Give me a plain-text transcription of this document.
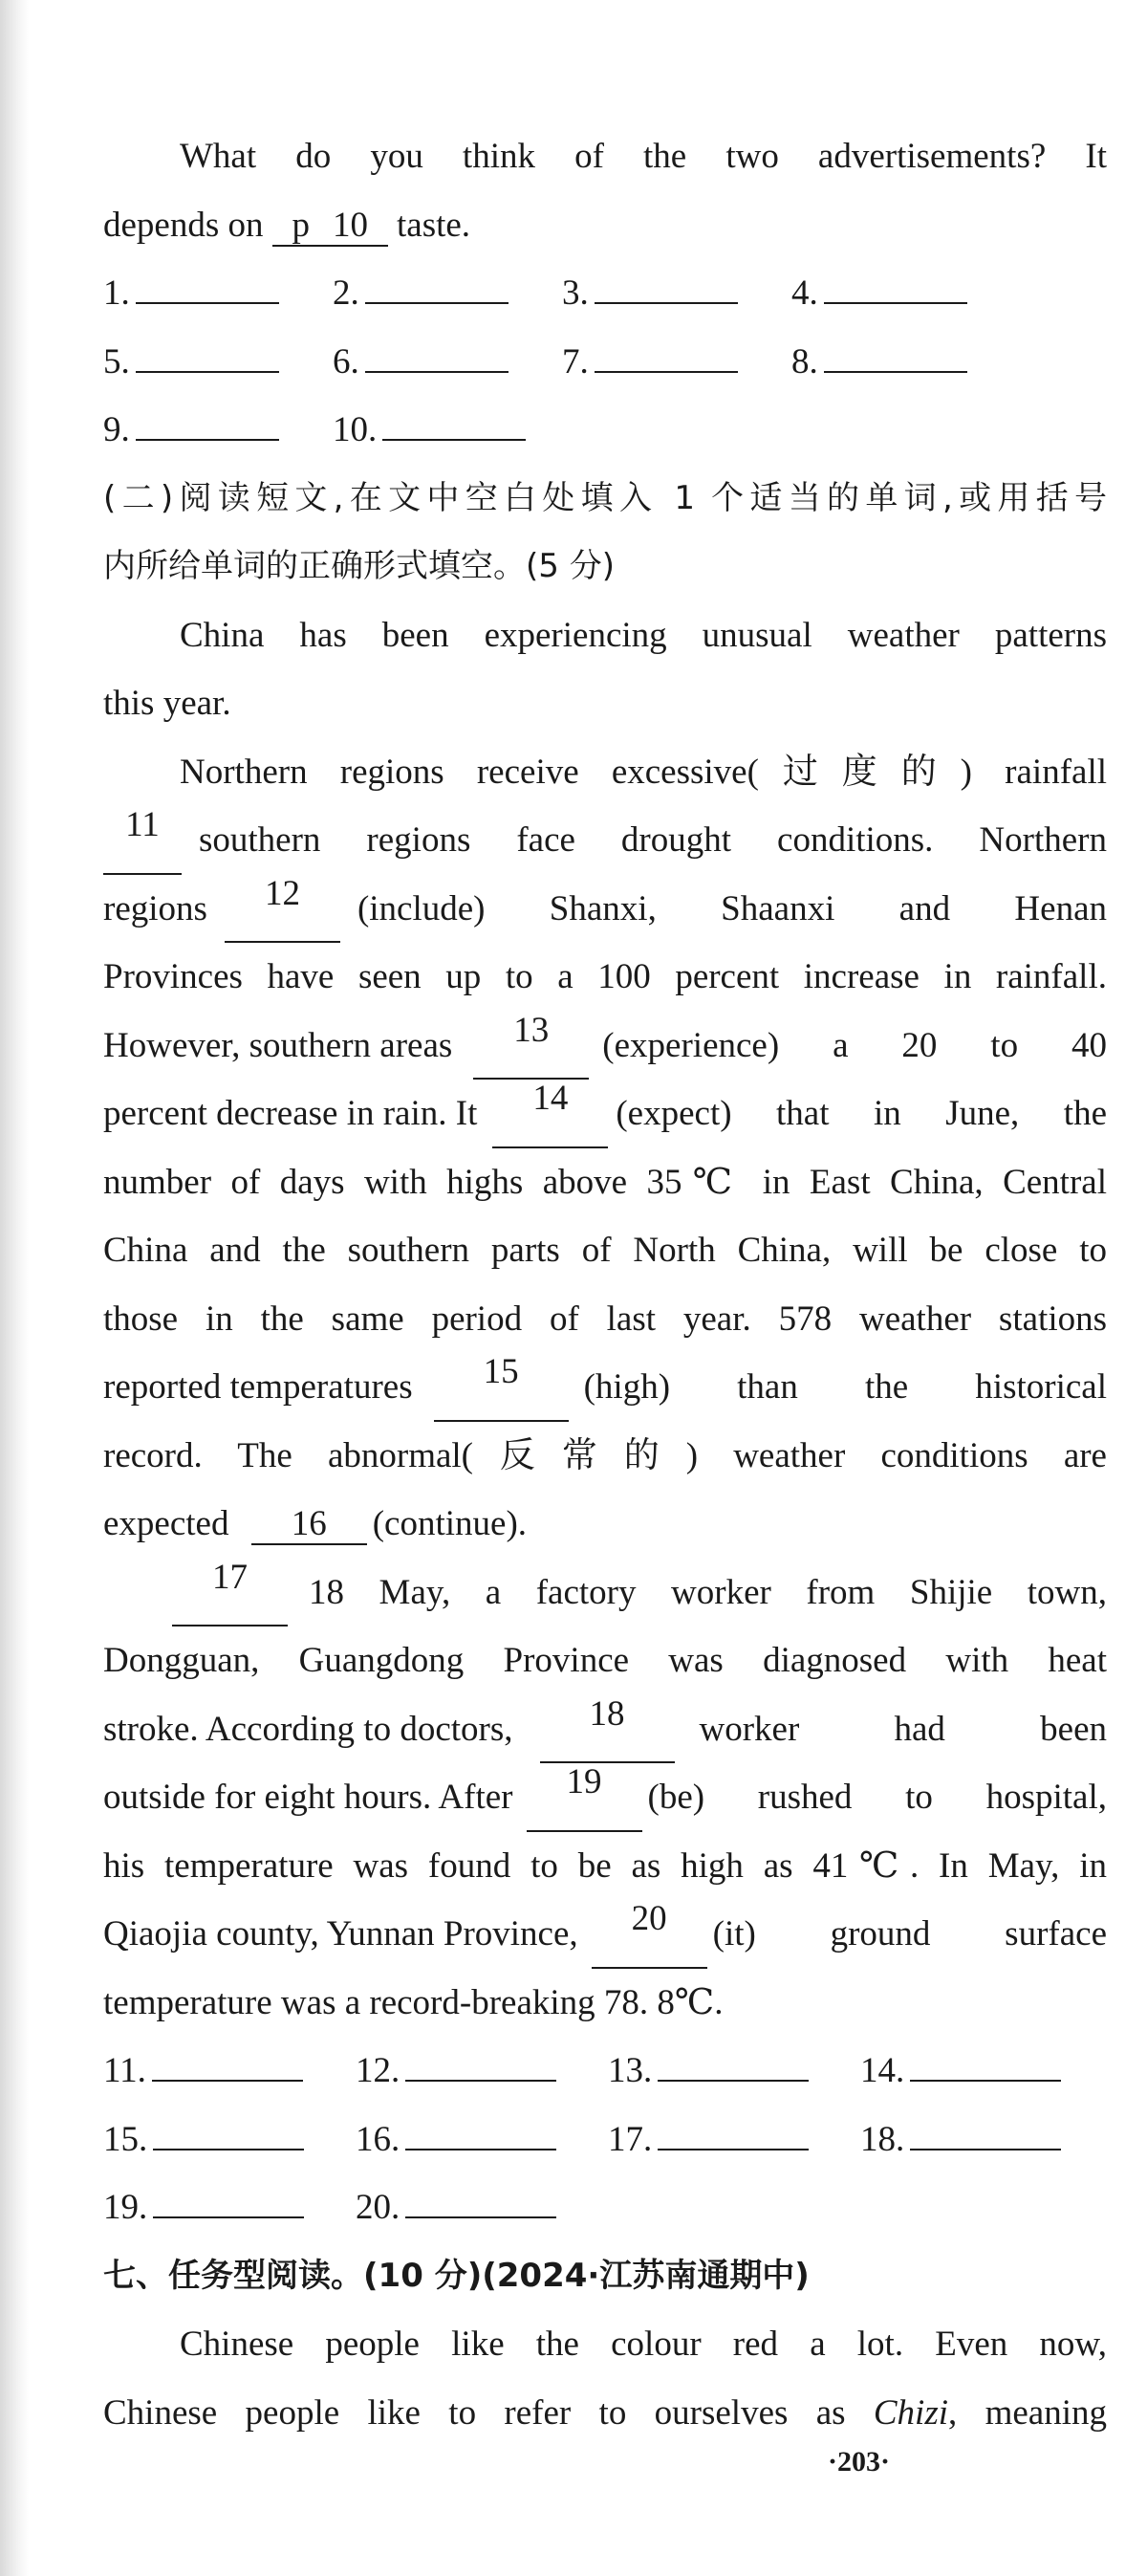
What do you think of the two advertisements? It
depends on p 10 taste.
1.	2.	3.	4.
5.	6.	7.	8.
9.	10.
(二)阅读短文,在文中空白处填入 1 个适当的单词,或用括号
内所给单词的正确形式填空。(5 分)
China has been experiencing unusual weather patterns
this year.
Northern regions receive excessive(过度的) rainfall
11	southern regions face drought conditions. Northern
regions	12	(include) Shanxi, Shaanxi and Henan
Provinces have seen up to a 100 percent increase in rainfall.
However, southern areas	13	(experience) a 20 to 40
percent decrease in rain. It	14	(expect) that in June, the
number of days with highs above 35℃ in East China, Central
China and the southern parts of North China, will be close to
those in the same period of last year. 578 weather stations
reported temperatures	15	(high) than the historical
record. The abnormal(反常的) weather conditions are
expected 16 (continue).
17	18 May, a factory worker from Shijie town,
Dongguan, Guangdong Province was diagnosed with heat
stroke. According to doctors,	18	worker had been
outside for eight hours. After	19	(be) rushed to hospital,
his temperature was found to be as high as 41℃. In May, in
Qiaojia county, Yunnan Province,	20	(it) ground surface
temperature was a record-breaking 78. 8℃.
11.	12.	13.	14.
15.	16.	17.	18.
19.	20.
七、任务型阅读。(10 分)(2024·江苏南通期中)
Chinese people like the colour red a lot. Even now,
Chinese people like to refer to ourselves as Chizi, meaning
·203·
